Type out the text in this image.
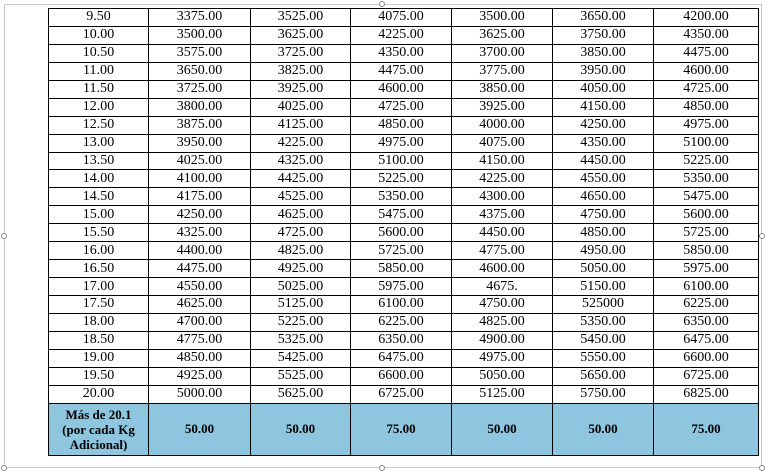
9.50	3375.00	3525.00	4075.00	3500.00	3650.00	4200.00
10.00	3500.00	3625.00	4225.00	3625.00	3750.00	4350.00
10.50	3575.00	3725.00	4350.00	3700.00	3850.00	4475.00
11.00	3650.00	3825.00	4475.00	3775.00	3950.00	4600.00
11.50	3725.00	3925.00	4600.00	3850.00	4050.00	4725.00
12.00	3800.00	4025.00	4725.00	3925.00	4150.00	4850.00
12.50	3875.00	4125.00	4850.00	4000.00	4250.00	4975.00
13.00	3950.00	4225.00	4975.00	4075.00	4350.00	5100.00
13.50	4025.00	4325.00	5100.00	4150.00	4450.00	5225.00
14.00	4100.00	4425.00	5225.00	4225.00	4550.00	5350.00
14.50	4175.00	4525.00	5350.00	4300.00	4650.00	5475.00
15.00	4250.00	4625.00	5475.00	4375.00	4750.00	5600.00
15.50	4325.00	4725.00	5600.00	4450.00	4850.00	5725.00
16.00	4400.00	4825.00	5725.00	4775.00	4950.00	5850.00
16.50	4475.00	4925.00	5850.00	4600.00	5050.00	5975.00
17.00	4550.00	5025.00	5975.00	4675.	5150.00	6100.00
17.50	4625.00	5125.00	6100.00	4750.00	525000	6225.00
18.00	4700.00	5225.00	6225.00	4825.00	5350.00	6350.00
18.50	4775.00	5325.00	6350.00	4900.00	5450.00	6475.00
19.00	4850.00	5425.00	6475.00	4975.00	5550.00	6600.00
19.50	4925.00	5525.00	6600.00	5050.00	5650.00	6725.00
20.00	5000.00	5625.00	6725.00	5125.00	5750.00	6825.00

Más de 20.1
(por cada Kg
Adicional)	50.00	50.00	75.00	50.00	50.00	75.00
